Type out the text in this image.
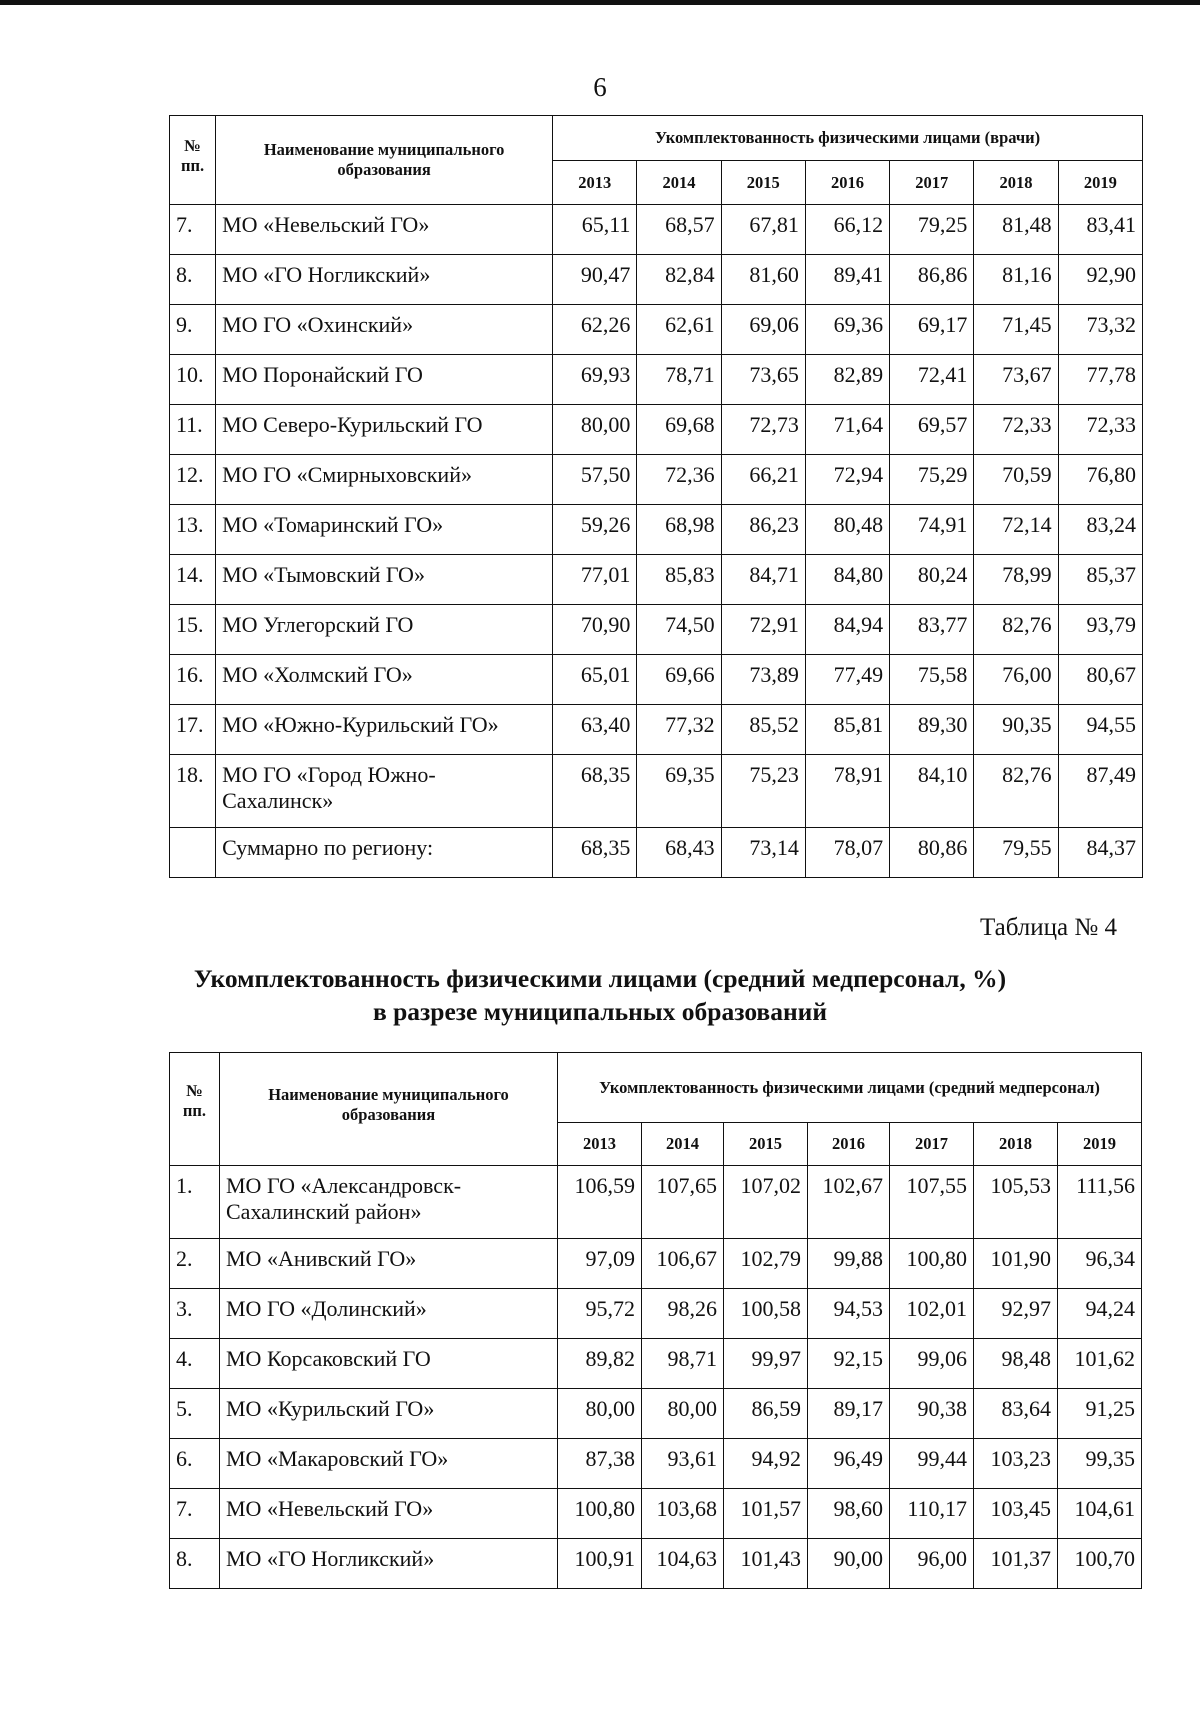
6
№ пп.	Наименование муниципального образования	Укомплектованность физическими лицами (врачи)						
		2013	2014	2015	2016	2017	2018	2019
7.	МО «Невельский ГО»	65,11	68,57	67,81	66,12	79,25	81,48	83,41
8.	МО «ГО Ногликский»	90,47	82,84	81,60	89,41	86,86	81,16	92,90
9.	МО ГО «Охинский»	62,26	62,61	69,06	69,36	69,17	71,45	73,32
10.	МО Поронайский ГО	69,93	78,71	73,65	82,89	72,41	73,67	77,78
11.	МО Северо-Курильский ГО	80,00	69,68	72,73	71,64	69,57	72,33	72,33
12.	МО ГО «Смирныховский»	57,50	72,36	66,21	72,94	75,29	70,59	76,80
13.	МО «Томаринский ГО»	59,26	68,98	86,23	80,48	74,91	72,14	83,24
14.	МО «Тымовский ГО»	77,01	85,83	84,71	84,80	80,24	78,99	85,37
15.	МО Углегорский ГО	70,90	74,50	72,91	84,94	83,77	82,76	93,79
16.	МО «Холмский ГО»	65,01	69,66	73,89	77,49	75,58	76,00	80,67
17.	МО «Южно-Курильский ГО»	63,40	77,32	85,52	85,81	89,30	90,35	94,55
18.	МО ГО «Город Южно-Сахалинск»	68,35	69,35	75,23	78,91	84,10	82,76	87,49
	Суммарно по региону:	68,35	68,43	73,14	78,07	80,86	79,55	84,37
Таблица № 4
Укомплектованность физическими лицами (средний медперсонал, %)
в разрезе муниципальных образований
№ пп.	Наименование муниципального образования	Укомплектованность физическими лицами (средний медперсонал)						
		2013	2014	2015	2016	2017	2018	2019
1.	МО ГО «Александровск-Сахалинский район»	106,59	107,65	107,02	102,67	107,55	105,53	111,56
2.	МО «Анивский ГО»	97,09	106,67	102,79	99,88	100,80	101,90	96,34
3.	МО ГО «Долинский»	95,72	98,26	100,58	94,53	102,01	92,97	94,24
4.	МО Корсаковский ГО	89,82	98,71	99,97	92,15	99,06	98,48	101,62
5.	МО «Курильский ГО»	80,00	80,00	86,59	89,17	90,38	83,64	91,25
6.	МО «Макаровский ГО»	87,38	93,61	94,92	96,49	99,44	103,23	99,35
7.	МО «Невельский ГО»	100,80	103,68	101,57	98,60	110,17	103,45	104,61
8.	МО «ГО Ногликский»	100,91	104,63	101,43	90,00	96,00	101,37	100,70
